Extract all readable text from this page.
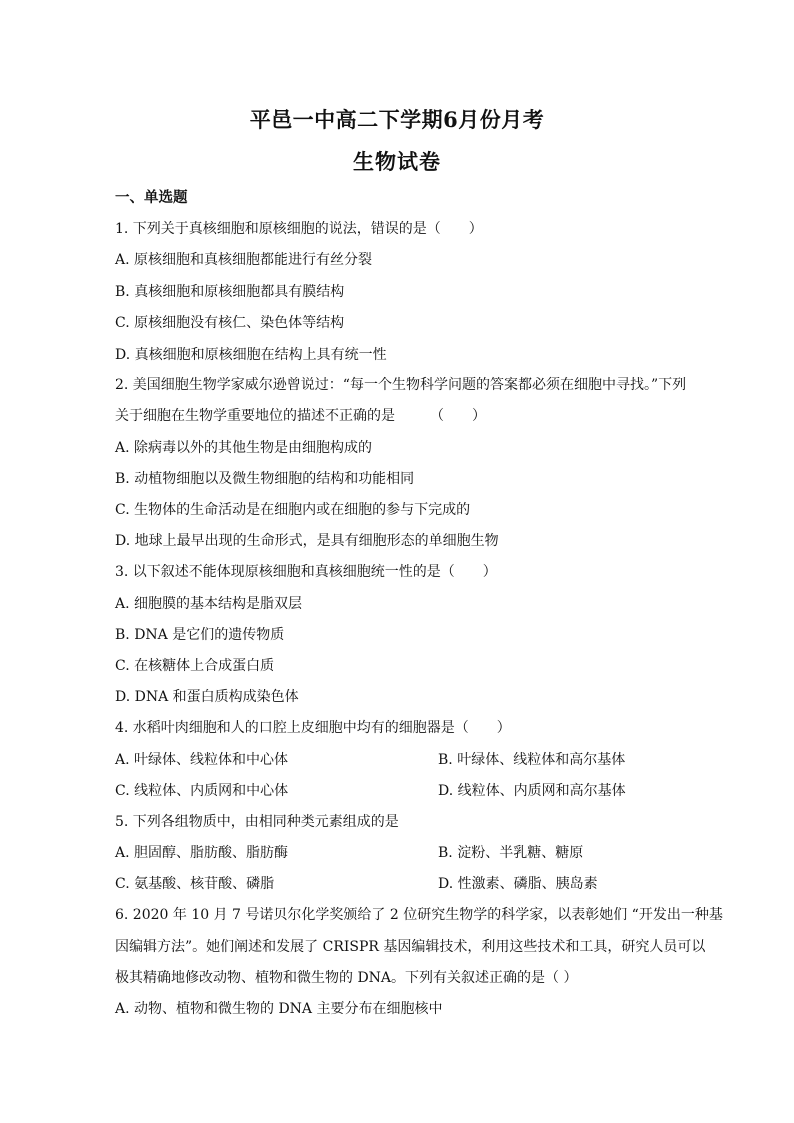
平邑一中高二下学期6月份月考
生物试卷
一、单选题
1. 下列关于真核细胞和原核细胞的说法，错误的是（　　）
A. 原核细胞和真核细胞都能进行有丝分裂
B. 真核细胞和原核细胞都具有膜结构
C. 原核细胞没有核仁、染色体等结构
D. 真核细胞和原核细胞在结构上具有统一性
2. 美国细胞生物学家威尔逊曾说过：“每一个生物科学问题的答案都必须在细胞中寻找。”下列
关于细胞在生物学重要地位的描述不正确的是　　　（　　）
A. 除病毒以外的其他生物是由细胞构成的
B. 动植物细胞以及微生物细胞的结构和功能相同
C. 生物体的生命活动是在细胞内或在细胞的参与下完成的
D. 地球上最早出现的生命形式，是具有细胞形态的单细胞生物
3. 以下叙述不能体现原核细胞和真核细胞统一性的是（　　）
A. 细胞膜的基本结构是脂双层
B. DNA 是它们的遗传物质
C. 在核糖体上合成蛋白质
D. DNA 和蛋白质构成染色体
4. 水稻叶肉细胞和人的口腔上皮细胞中均有的细胞器是（　　）
A. 叶绿体、线粒体和中心体	B. 叶绿体、线粒体和高尔基体
C. 线粒体、内质网和中心体	D. 线粒体、内质网和高尔基体
5. 下列各组物质中，由相同种类元素组成的是
A. 胆固醇、脂肪酸、脂肪酶	B. 淀粉、半乳糖、糖原
C. 氨基酸、核苷酸、磷脂	D. 性激素、磷脂、胰岛素
6. 2020 年 10 月 7 号诺贝尔化学奖颁给了 2 位研究生物学的科学家，以表彰她们 “开发出一种基
因编辑方法”。她们阐述和发展了 CRISPR 基因编辑技术，利用这些技术和工具，研究人员可以
极其精确地修改动物、植物和微生物的 DNA。下列有关叙述正确的是（ ）
A. 动物、植物和微生物的 DNA 主要分布在细胞核中
